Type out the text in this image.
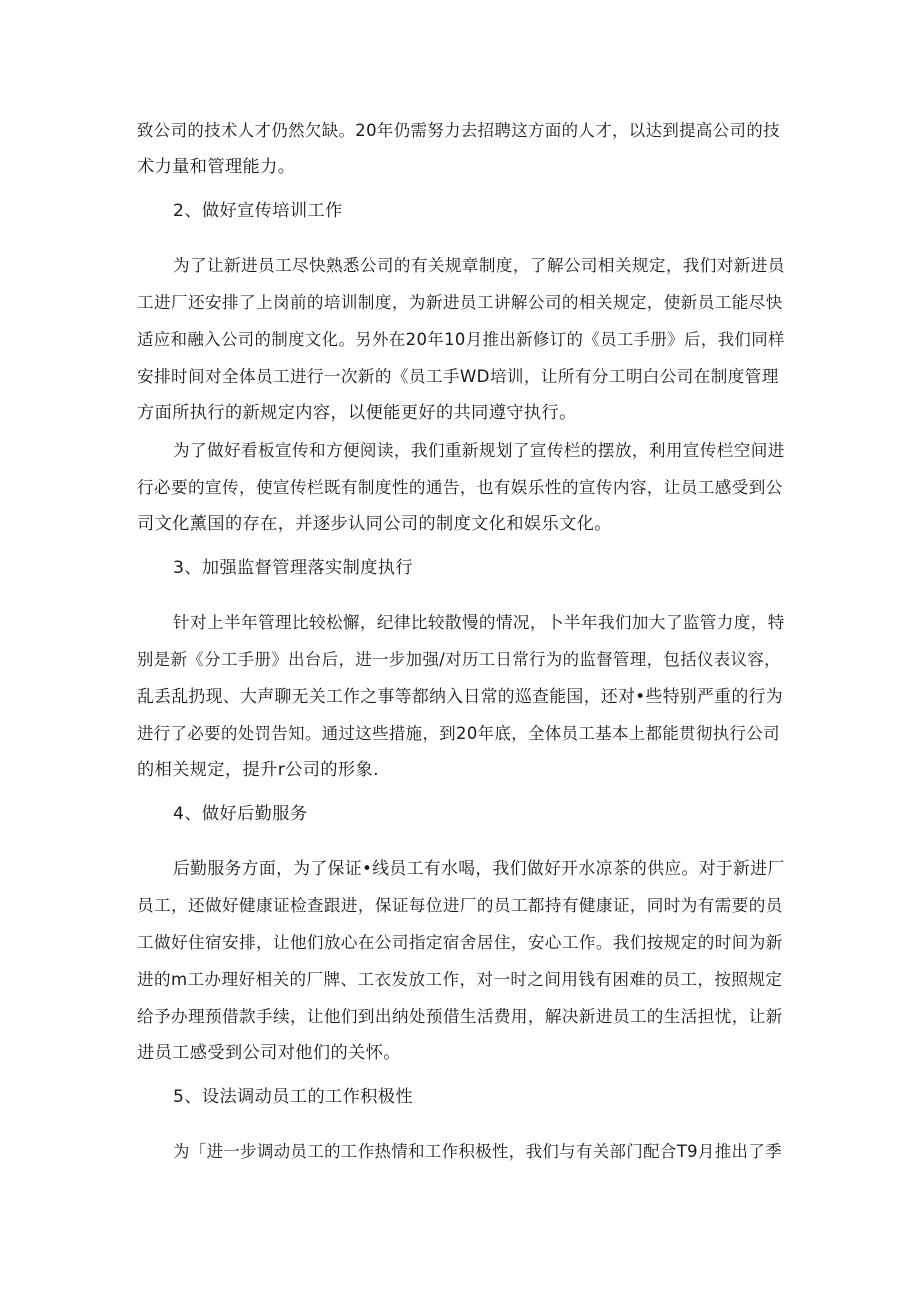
致公司的技术人才仍然欠缺。20年仍需努力去招聘这方面的人才，以达到提高公司的技
术力量和管理能力。
2、做好宣传培训工作
为了让新进员工尽快熟悉公司的有关规章制度，了解公司相关规定，我们对新进员
工进厂还安排了上岗前的培训制度，为新进员工讲解公司的相关规定，使新员工能尽快
适应和融入公司的制度文化。另外在20年10月推出新修订的《员工手册》后，我们同样
安排时间对全体员工进行一次新的《员工手WD培训，让所有分工明白公司在制度管理
方面所执行的新规定内容，以便能更好的共同遵守执行。
为了做好看板宣传和方便阅读，我们重新规划了宣传栏的摆放，利用宣传栏空间进
行必要的宣传，使宣传栏既有制度性的通告，也有娱乐性的宣传内容，让员工感受到公
司文化薰国的存在，并逐步认同公司的制度文化和娱乐文化。
3、加强监督管理落实制度执行
针对上半年管理比较松懈，纪律比较散慢的情况，卜半年我们加大了监管力度，特
别是新《分工手册》出台后，进一步加强/对历工日常行为的监督管理，包括仪表议容，
乱丢乱扔现、大声聊无关工作之事等都纳入日常的巡查能国，还对•些特别严重的行为
进行了必要的处罚告知。通过这些措施，到20年底，全体员工基本上都能贯彻执行公司
的相关规定，提升r公司的形象.
4、做好后勤服务
后勤服务方面，为了保证•线员工有水喝，我们做好开水凉茶的供应。对于新进厂
员工，还做好健康证检查跟进，保证每位进厂的员工都持有健康证，同时为有需要的员
工做好住宿安排，让他们放心在公司指定宿舍居住，安心工作。我们按规定的时间为新
进的m工办理好相关的厂牌、工衣发放工作，对一时之间用钱有困难的员工，按照规定
给予办理预借款手续，让他们到出纳处预借生活费用，解决新进员工的生活担忧，让新
进员工感受到公司对他们的关怀。
5、设法调动员工的工作积极性
为「进一步调动员工的工作热情和工作积极性，我们与有关部门配合T9月推出了季
